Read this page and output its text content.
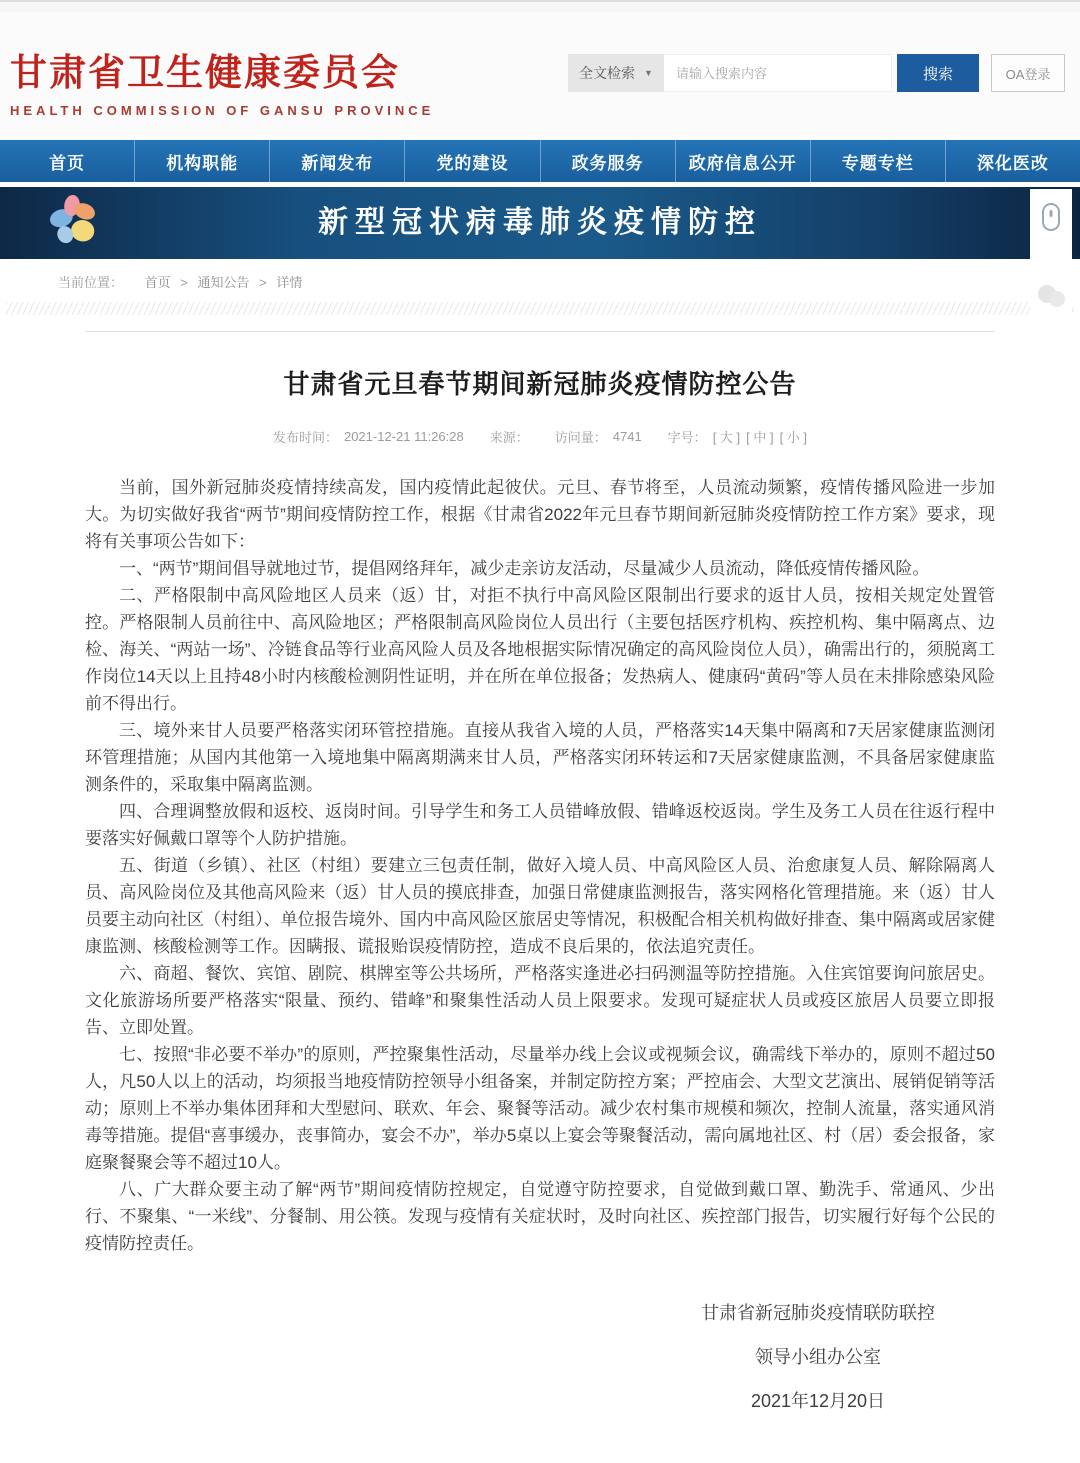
甘肃省卫生健康委员会
HEALTH COMMISSION OF GANSU PROVINCE
全文检索 ▼
请输入搜索内容	搜索	OA登录
首页	机构职能	新闻发布	党的建设	政务服务	政府信息公开	专题专栏	深化医改
新型冠状病毒肺炎疫情防控
当前位置： 首页 > 通知公告 > 详情
甘肃省元旦春节期间新冠肺炎疫情防控公告
发布时间： 2021-12-21 11:26:28 来源： 访问量： 4741 字号： [ 大 ] [ 中 ] [ 小 ]

当前，国外新冠肺炎疫情持续高发，国内疫情此起彼伏。元旦、春节将至，人员流动频繁，疫情传播风险进一步加大。为切实做好我省“两节”期间疫情防控工作，根据《甘肃省2022年元旦春节期间新冠肺炎疫情防控工作方案》要求，现将有关事项公告如下：

一、“两节”期间倡导就地过节，提倡网络拜年，减少走亲访友活动，尽量减少人员流动，降低疫情传播风险。

二、严格限制中高风险地区人员来（返）甘，对拒不执行中高风险区限制出行要求的返甘人员，按相关规定处置管控。严格限制人员前往中、高风险地区；严格限制高风险岗位人员出行（主要包括医疗机构、疾控机构、集中隔离点、边检、海关、“两站一场”、冷链食品等行业高风险人员及各地根据实际情况确定的高风险岗位人员），确需出行的，须脱离工作岗位14天以上且持48小时内核酸检测阴性证明，并在所在单位报备；发热病人、健康码“黄码”等人员在未排除感染风险前不得出行。

三、境外来甘人员要严格落实闭环管控措施。直接从我省入境的人员，严格落实14天集中隔离和7天居家健康监测闭环管理措施；从国内其他第一入境地集中隔离期满来甘人员，严格落实闭环转运和7天居家健康监测，不具备居家健康监测条件的，采取集中隔离监测。

四、合理调整放假和返校、返岗时间。引导学生和务工人员错峰放假、错峰返校返岗。学生及务工人员在往返行程中要落实好佩戴口罩等个人防护措施。

五、街道（乡镇）、社区（村组）要建立三包责任制，做好入境人员、中高风险区人员、治愈康复人员、解除隔离人员、高风险岗位及其他高风险来（返）甘人员的摸底排查，加强日常健康监测报告，落实网格化管理措施。来（返）甘人员要主动向社区（村组）、单位报告境外、国内中高风险区旅居史等情况，积极配合相关机构做好排查、集中隔离或居家健康监测、核酸检测等工作。因瞒报、谎报贻误疫情防控，造成不良后果的，依法追究责任。

六、商超、餐饮、宾馆、剧院、棋牌室等公共场所，严格落实逢进必扫码测温等防控措施。入住宾馆要询问旅居史。文化旅游场所要严格落实“限量、预约、错峰”和聚集性活动人员上限要求。发现可疑症状人员或疫区旅居人员要立即报告、立即处置。

七、按照“非必要不举办”的原则，严控聚集性活动，尽量举办线上会议或视频会议，确需线下举办的，原则不超过50人，凡50人以上的活动，均须报当地疫情防控领导小组备案，并制定防控方案；严控庙会、大型文艺演出、展销促销等活动；原则上不举办集体团拜和大型慰问、联欢、年会、聚餐等活动。减少农村集市规模和频次，控制人流量，落实通风消毒等措施。提倡“喜事缓办，丧事简办，宴会不办”，举办5桌以上宴会等聚餐活动，需向属地社区、村（居）委会报备，家庭聚餐聚会等不超过10人。

八、广大群众要主动了解“两节”期间疫情防控规定，自觉遵守防控要求，自觉做到戴口罩、勤洗手、常通风、少出行、不聚集、“一米线”、分餐制、用公筷。发现与疫情有关症状时，及时向社区、疾控部门报告，切实履行好每个公民的疫情防控责任。

甘肃省新冠肺炎疫情联防联控
领导小组办公室
2021年12月20日
